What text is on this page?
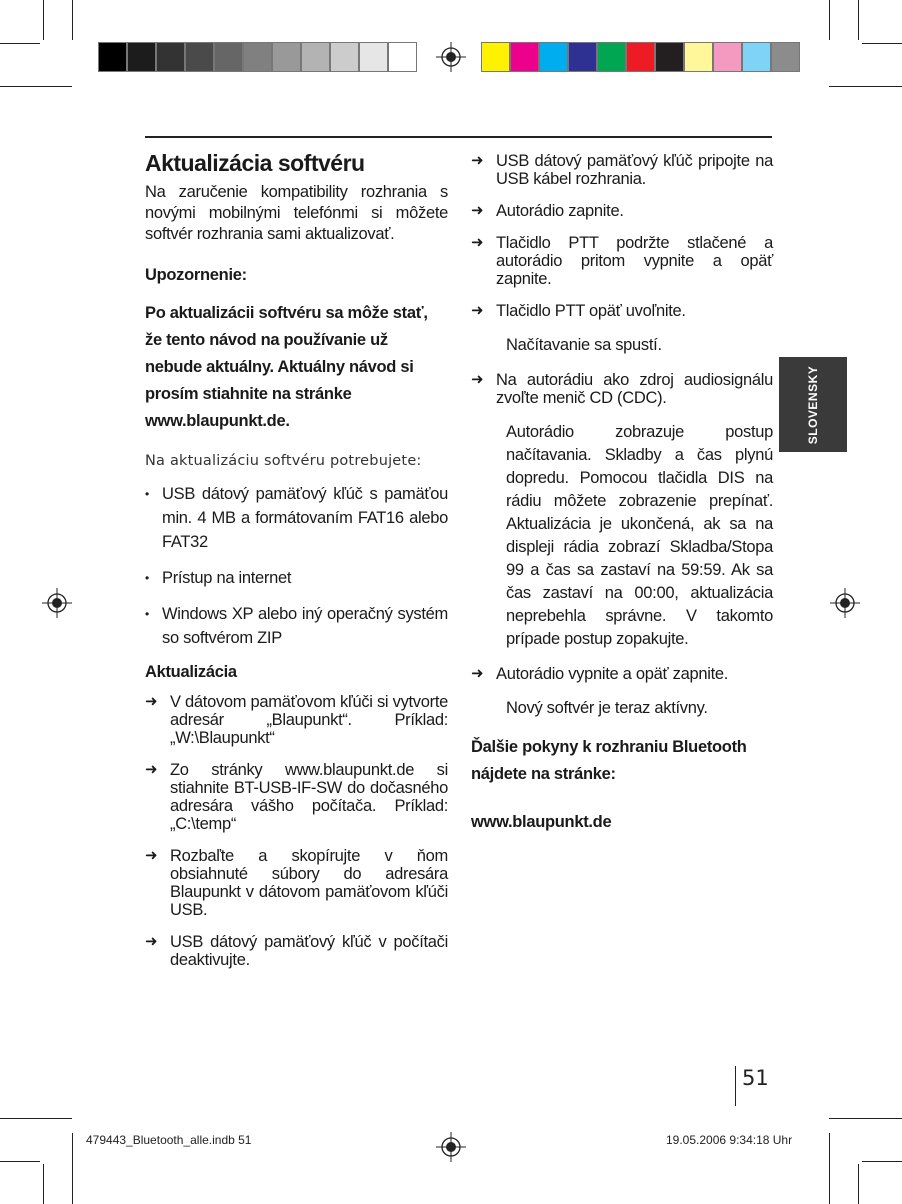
Aktualizácia softvéru

Na zaručenie kompatibility rozhrania s novými mobilnými telefónmi si môžete softvér rozhrania sami aktualizovať.

Upozornenie:

Po aktualizácii softvéru sa môže stať, že tento návod na používanie už nebude aktuálny. Aktuálny návod si prosím stiahnite na stránke www.blaupunkt.de.

Na aktualizáciu softvéru potrebujete:

• USB dátový pamäťový kľúč s pamäťou min. 4 MB a formátovaním FAT16 alebo FAT32
• Prístup na internet
• Windows XP alebo iný operačný systém so softvérom ZIP

Aktualizácia

➜ V dátovom pamäťovom kľúči si vytvorte adresár „Blaupunkt“. Príklad: „W:\Blaupunkt“
➜ Zo stránky www.blaupunkt.de si stiahnite BT-USB-IF-SW do dočasného adresára vášho počítača. Príklad: „C:\temp“
➜ Rozbaľte a skopírujte v ňom obsiahnuté súbory do adresára Blaupunkt v dátovom pamäťovom kľúči USB.
➜ USB dátový pamäťový kľúč v počítači deaktivujte.
➜ USB dátový pamäťový kľúč pripojte na USB kábel rozhrania.
➜ Autorádio zapnite.
➜ Tlačidlo PTT podržte stlačené a autorádio pritom vypnite a opäť zapnite.
➜ Tlačidlo PTT opäť uvoľnite.

Načítavanie sa spustí.

➜ Na autorádiu ako zdroj audiosignálu zvoľte menič CD (CDC).

Autorádio zobrazuje postup načítavania. Skladby a čas plynú dopredu. Pomocou tlačidla DIS na rádiu môžete zobrazenie prepínať. Aktualizácia je ukončená, ak sa na displeji rádia zobrazí Skladba/Stopa 99 a čas sa zastaví na 59:59. Ak sa čas zastaví na 00:00, aktualizácia neprebehla správne. V takomto prípade postup zopakujte.

➜ Autorádio vypnite a opäť zapnite.

Nový softvér je teraz aktívny.

Ďalšie pokyny k rozhraniu Bluetooth nájdete na stránke:

www.blaupunkt.de

SLOVENSKY
51
479443_Bluetooth_alle.indb 51	19.05.2006 9:34:18 Uhr
